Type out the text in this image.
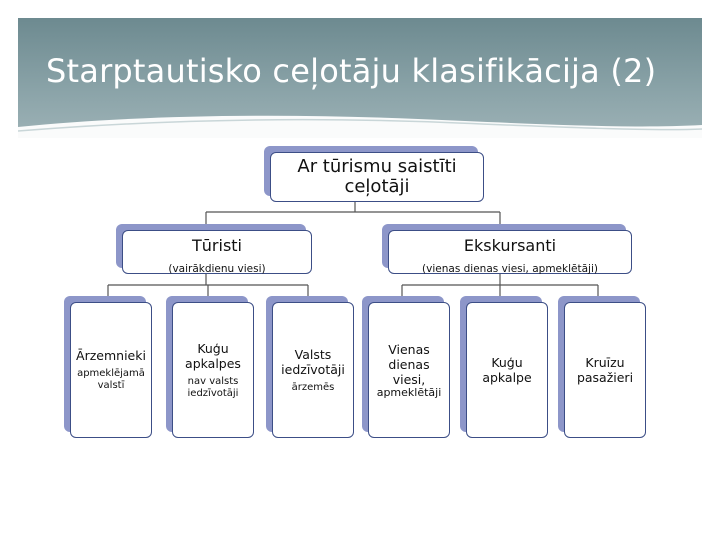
Starptautisko ceļotāju klasifikācija (2)
Ar tūrismu saistīti ceļotāji
Tūristi
(vairākdienu viesi)
Ekskursanti
(vienas dienas viesi, apmeklētāji)
Ārzemnieki
apmeklējamā valstī
Kuģu apkalpes
nav valsts iedzīvotāji
Valsts iedzīvotāji
ārzemēs
Vienas dienas viesi,
apmeklētāji
Kuģu apkalpe
Kruīzu pasažieri
